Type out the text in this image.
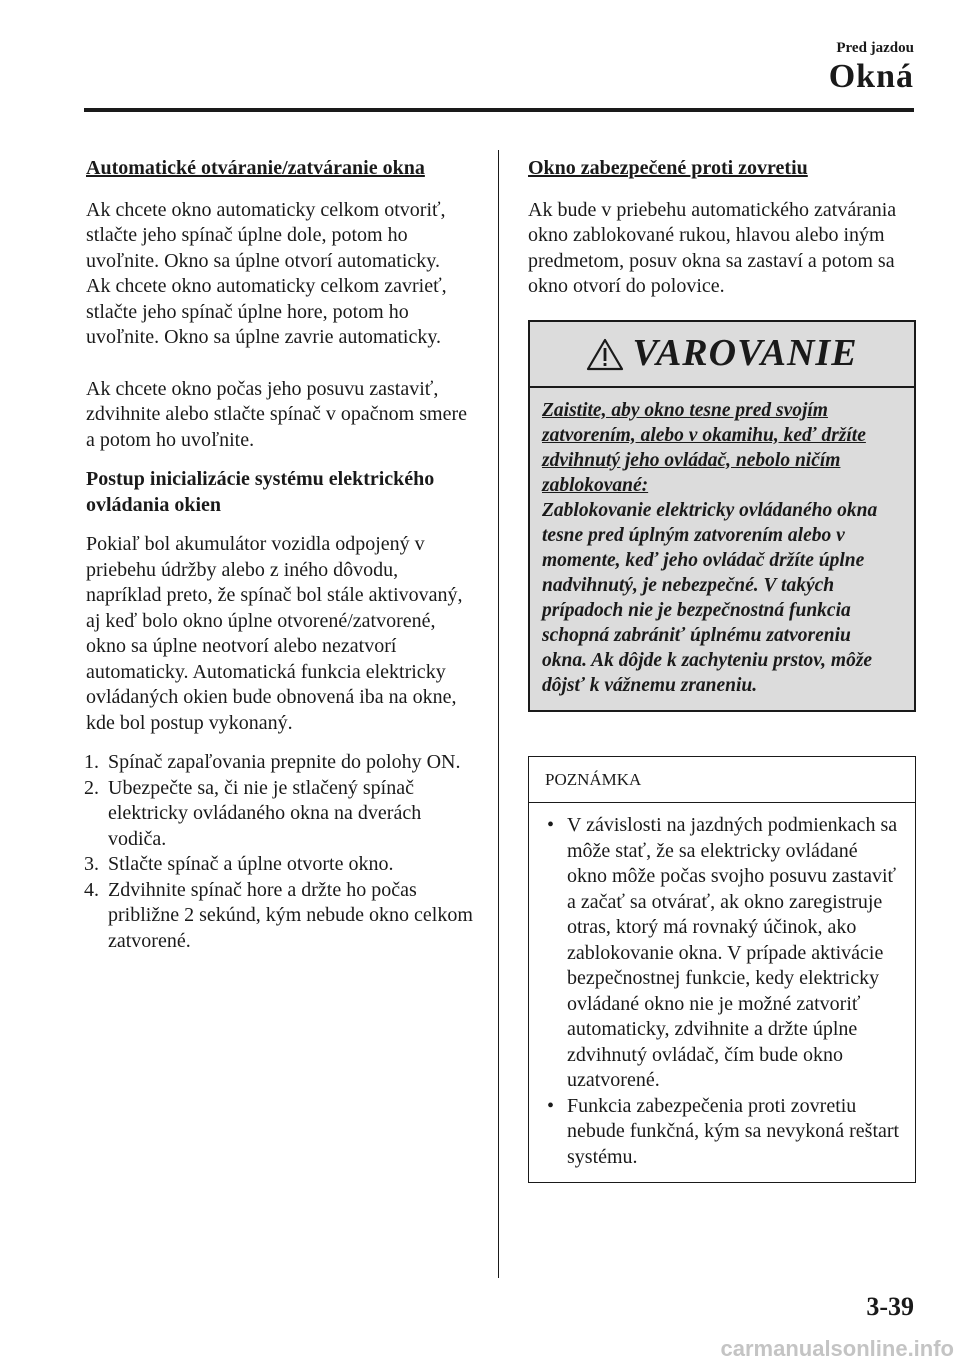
Pred jazdou
Okná
Automatické otváranie/zatváranie okna

Ak chcete okno automaticky celkom otvoriť, stlačte jeho spínač úplne dole, potom ho uvoľnite. Okno sa úplne otvorí automaticky.

Ak chcete okno automaticky celkom zavrieť, stlačte jeho spínač úplne hore, potom ho uvoľnite. Okno sa úplne zavrie automaticky.

Ak chcete okno počas jeho posuvu zastaviť, zdvihnite alebo stlačte spínač v opačnom smere a potom ho uvoľnite.

Postup inicializácie systému elektrického ovládania okien

Pokiaľ bol akumulátor vozidla odpojený v priebehu údržby alebo z iného dôvodu, napríklad preto, že spínač bol stále aktivovaný, aj keď bolo okno úplne otvorené/zatvorené, okno sa úplne neotvorí alebo nezatvorí automaticky. Automatická funkcia elektricky ovládaných okien bude obnovená iba na okne, kde bol postup vykonaný.

1. Spínač zapaľovania prepnite do polohy ON.
2. Ubezpečte sa, či nie je stlačený spínač elektricky ovládaného okna na dverách vodiča.
3. Stlačte spínač a úplne otvorte okno.
4. Zdvihnite spínač hore a držte ho počas približne 2 sekúnd, kým nebude okno celkom zatvorené.
Okno zabezpečené proti zovretiu

Ak bude v priebehu automatického zatvárania okno zablokované rukou, hlavou alebo iným predmetom, posuv okna sa zastaví a potom sa okno otvorí do polovice.

VAROVANIE
Zaistite, aby okno tesne pred svojím zatvorením, alebo v okamihu, keď držíte zdvihnutý jeho ovládač, nebolo ničím zablokované:
Zablokovanie elektricky ovládaného okna tesne pred úplným zatvorením alebo v momente, keď jeho ovládač držíte úplne nadvihnutý, je nebezpečné. V takých prípadoch nie je bezpečnostná funkcia schopná zabrániť úplnému zatvoreniu okna. Ak dôjde k zachyteniu prstov, môže dôjsť k vážnemu zraneniu.
POZNÁMKA
• V závislosti na jazdných podmienkach sa môže stať, že sa elektricky ovládané okno môže počas svojho posuvu zastaviť a začať sa otvárať, ak okno zaregistruje otras, ktorý má rovnaký účinok, ako zablokovanie okna. V prípade aktivácie bezpečnostnej funkcie, kedy elektricky ovládané okno nie je možné zatvoriť automaticky, zdvihnite a držte úplne zdvihnutý ovládač, čím bude okno uzatvorené.
• Funkcia zabezpečenia proti zovretiu nebude funkčná, kým sa nevykoná reštart systému.
3-39
carmanualsonline.info
